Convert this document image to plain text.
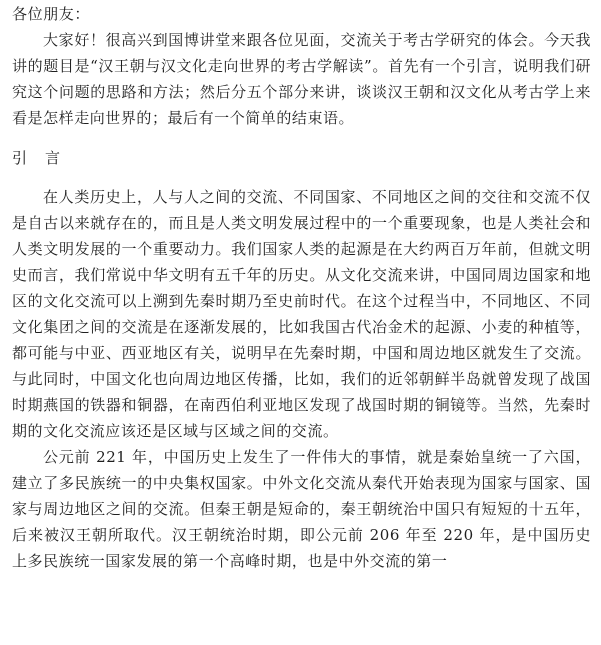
各位朋友：

大家好！很高兴到国博讲堂来跟各位见面，交流关于考古学研究的体会。今天我讲的题目是“汉王朝与汉文化走向世界的考古学解读”。首先有一个引言，说明我们研究这个问题的思路和方法；然后分五个部分来讲，谈谈汉王朝和汉文化从考古学上来看是怎样走向世界的；最后有一个简单的结束语。

引言

在人类历史上，人与人之间的交流、不同国家、不同地区之间的交往和交流不仅是自古以来就存在的，而且是人类文明发展过程中的一个重要现象，也是人类社会和人类文明发展的一个重要动力。我们国家人类的起源是在大约两百万年前，但就文明史而言，我们常说中华文明有五千年的历史。从文化交流来讲，中国同周边国家和地区的文化交流可以上溯到先秦时期乃至史前时代。在这个过程当中，不同地区、不同文化集团之间的交流是在逐渐发展的，比如我国古代冶金术的起源、小麦的种植等，都可能与中亚、西亚地区有关，说明早在先秦时期，中国和周边地区就发生了交流。与此同时，中国文化也向周边地区传播，比如，我们的近邻朝鲜半岛就曾发现了战国时期燕国的铁器和铜器，在南西伯利亚地区发现了战国时期的铜镜等。当然，先秦时期的文化交流应该还是区域与区域之间的交流。

公元前 221 年，中国历史上发生了一件伟大的事情，就是秦始皇统一了六国，建立了多民族统一的中央集权国家。中外文化交流从秦代开始表现为国家与国家、国家与周边地区之间的交流。但秦王朝是短命的，秦王朝统治中国只有短短的十五年，后来被汉王朝所取代。汉王朝统治时期，即公元前 206 年至 220 年，是中国历史上多民族统一国家发展的第一个高峰时期，也是中外交流的第一
